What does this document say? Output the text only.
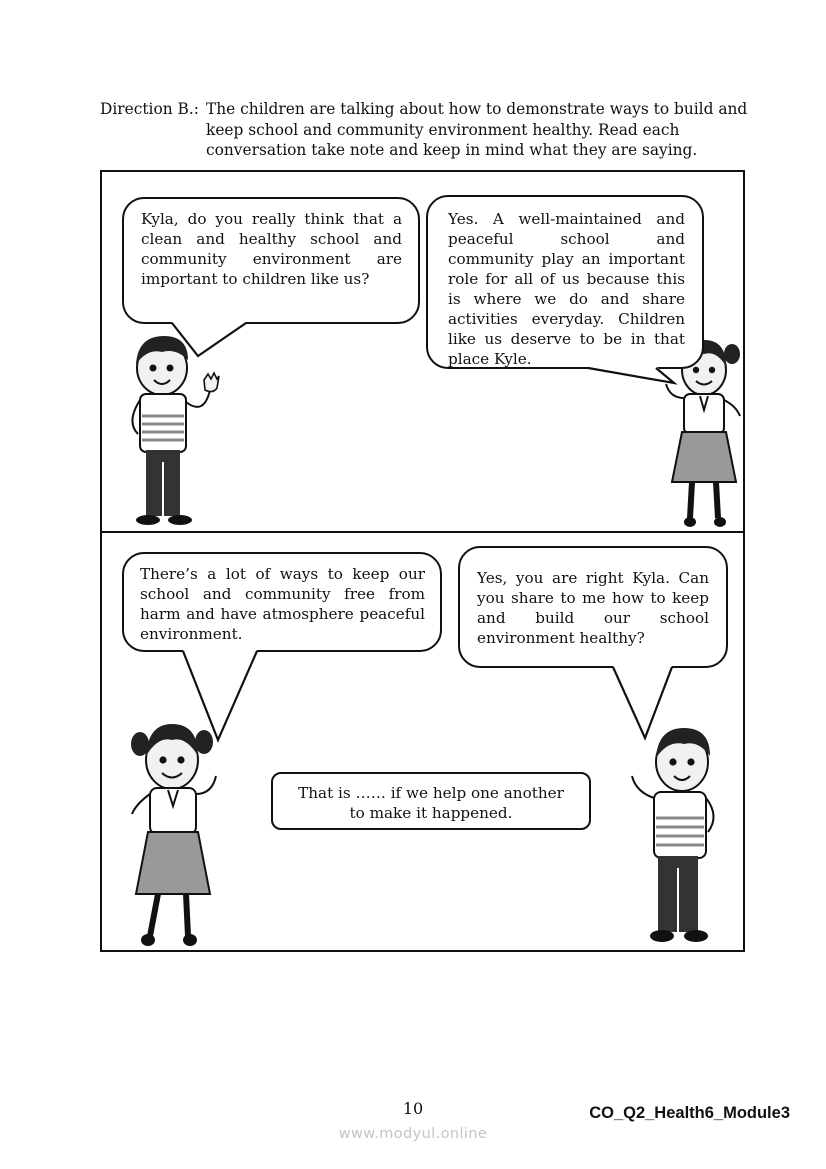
Direction B.: The children are talking about how to demonstrate ways to build and
keep school and community environment healthy. Read each
conversation take note and keep in mind what they are saying.

Kyla, do you really think that a clean and healthy school and community environment are important to children like us?

Yes. A well-maintained and peaceful school and community play an important role for all of us because this is where we do and share activities everyday. Children like us deserve to be in that place Kyle.

There’s a lot of ways to keep our school and community free from harm and have atmosphere peaceful environment.

Yes, you are right Kyla. Can you share to me how to keep and build our school environment healthy?

That is …… if we help one another to make it happened.

10	CO_Q2_Health6_Module3
www.modyul.online
